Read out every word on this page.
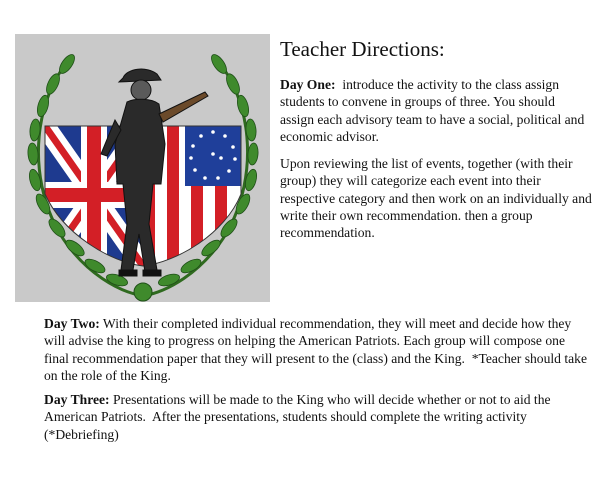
Teacher Directions:

Day One:  introduce the activity to the class assign students to convene in groups of three. You should assign each advisory team to have a social, political and economic advisor.

Upon reviewing the list of events, together (with their group) they will categorize each event into their respective category and then work on an individually and write their own recommendation. then a group recommendation.

Day Two: With their completed individual recommendation, they will meet and decide how they will advise the king to progress on helping the American Patriots. Each group will compose one final recommendation paper that they will present to the (class) and the King.  *Teacher should take on the role of the King.

Day Three: Presentations will be made to the King who will decide whether or not to aid the American Patriots.  After the presentations, students should complete the writing activity (*Debriefing)
